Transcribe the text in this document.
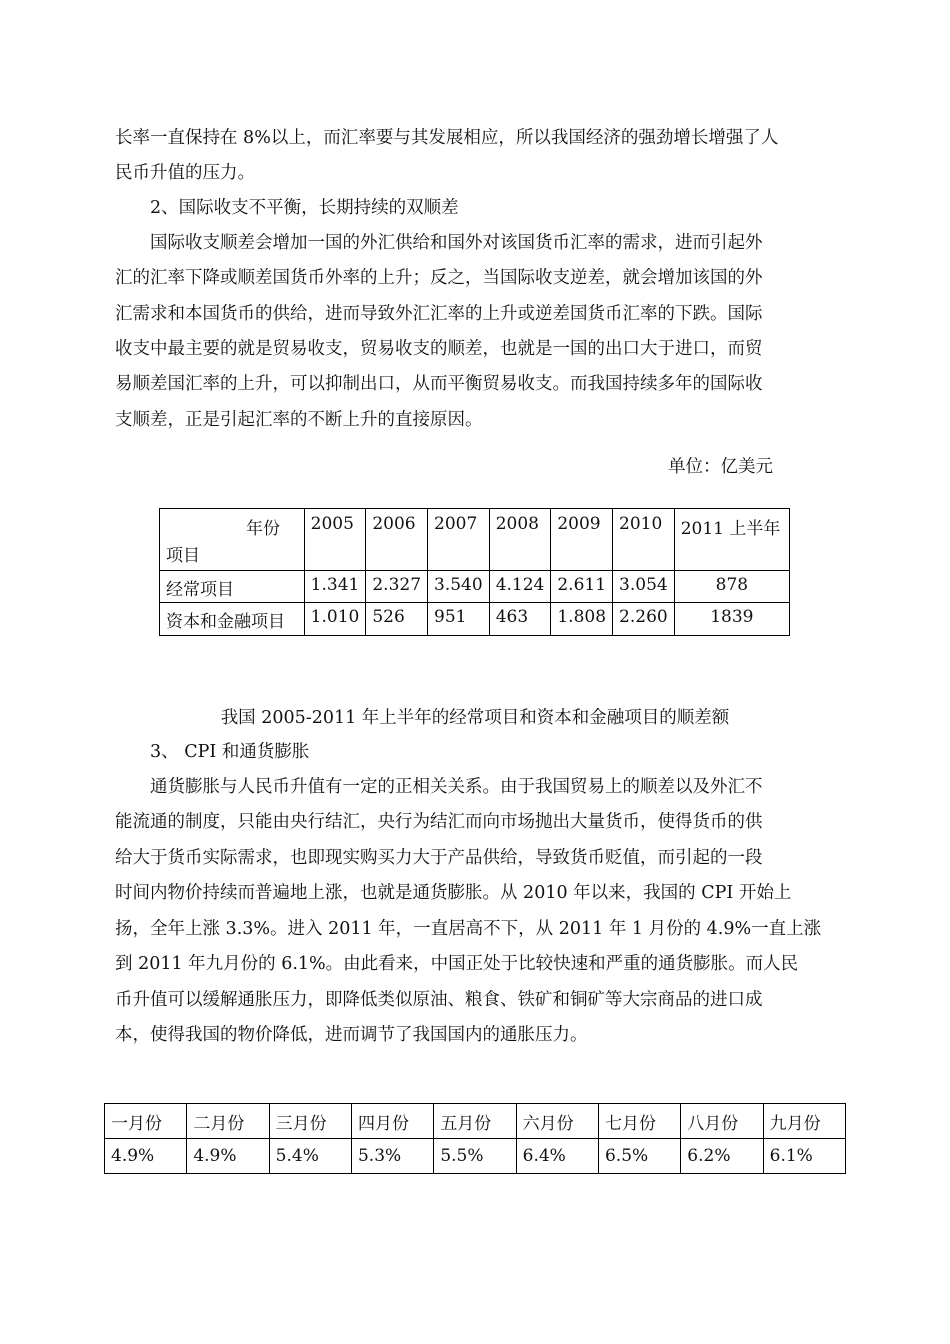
长率一直保持在 8%以上，而汇率要与其发展相应，所以我国经济的强劲增长增强了人
民币升值的压力。
2、国际收支不平衡，长期持续的双顺差
国际收支顺差会增加一国的外汇供给和国外对该国货币汇率的需求，进而引起外
汇的汇率下降或顺差国货币外率的上升；反之，当国际收支逆差，就会增加该国的外
汇需求和本国货币的供给，进而导致外汇汇率的上升或逆差国货币汇率的下跌。国际
收支中最主要的就是贸易收支，贸易收支的顺差，也就是一国的出口大于进口，而贸
易顺差国汇率的上升，可以抑制出口，从而平衡贸易收支。而我国持续多年的国际收
支顺差，正是引起汇率的不断上升的直接原因。
单位：亿美元
年份
项目	2005	2006	2007	2008	2009	2010	2011 上半年
经常项目	1.341	2.327	3.540	4.124	2.611	3.054	878
资本和金融项目	1.010	526	951	463	1.808	2.260	1839
我国 2005-2011 年上半年的经常项目和资本和金融项目的顺差额
3、 CPI 和通货膨胀
通货膨胀与人民币升值有一定的正相关关系。由于我国贸易上的顺差以及外汇不
能流通的制度，只能由央行结汇，央行为结汇而向市场抛出大量货币，使得货币的供
给大于货币实际需求，也即现实购买力大于产品供给，导致货币贬值，而引起的一段
时间内物价持续而普遍地上涨，也就是通货膨胀。从 2010 年以来，我国的 CPI 开始上
扬，全年上涨 3.3%。进入 2011 年，一直居高不下，从 2011 年 1 月份的 4.9%一直上涨
到 2011 年九月份的 6.1%。由此看来，中国正处于比较快速和严重的通货膨胀。而人民
币升值可以缓解通胀压力，即降低类似原油、粮食、铁矿和铜矿等大宗商品的进口成
本，使得我国的物价降低，进而调节了我国国内的通胀压力。
一月份	二月份	三月份	四月份	五月份	六月份	七月份	八月份	九月份
4.9%	4.9%	5.4%	5.3%	5.5%	6.4%	6.5%	6.2%	6.1%
